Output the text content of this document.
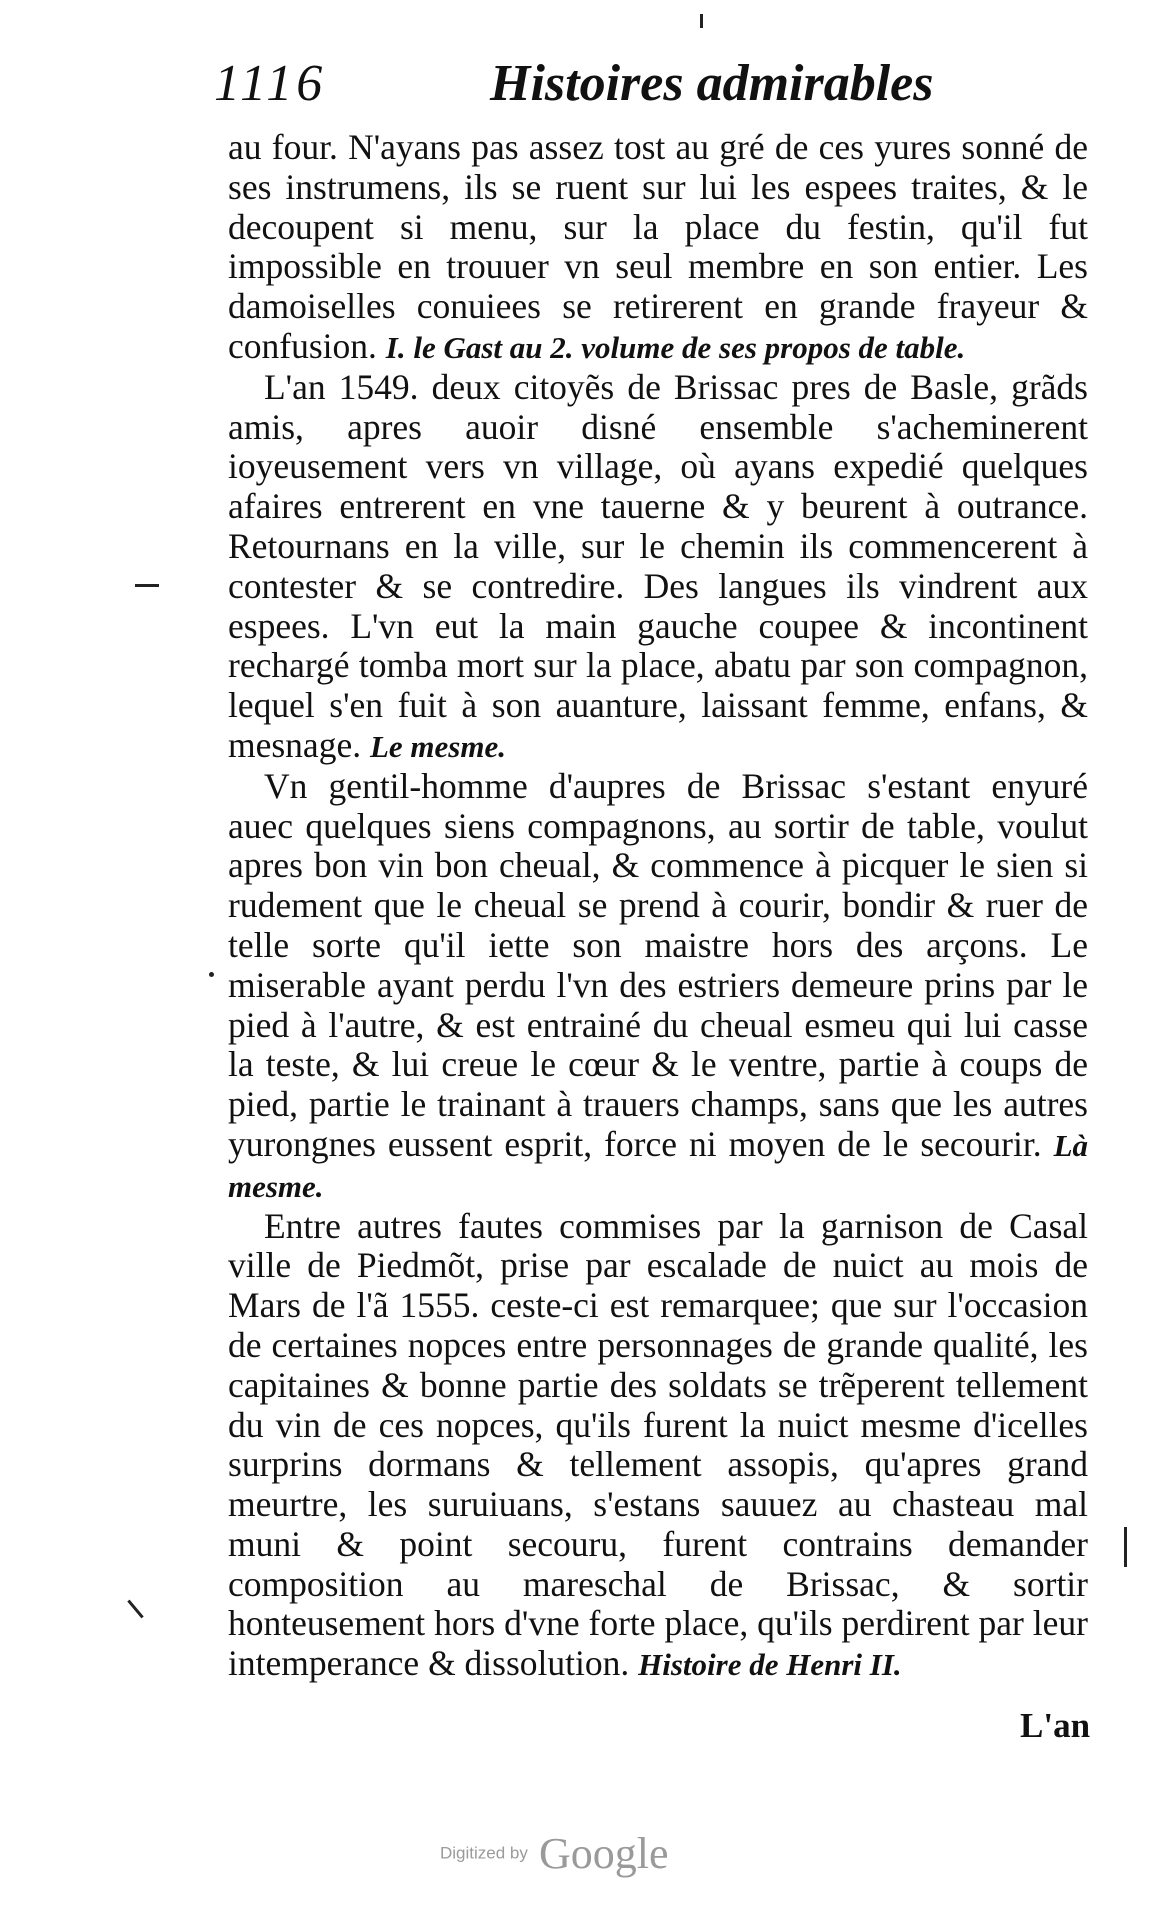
1116	Histoires admirables

au four. N'ayans pas assez tost au gré de ces yures sonné de ses instrumens, ils se ruent sur lui les espees traites, & le decoupent si menu, sur la place du festin, qu'il fut impossible en trouuer vn seul membre en son entier. Les damoiselles conuiees se retirerent en grande frayeur & confusion. I. le Gast au 2. volume de ses propos de table.

L'an 1549. deux citoyẽs de Brissac pres de Basle, grãds amis, apres auoir disné ensemble s'acheminerent ioyeusement vers vn village, où ayans expedié quelques afaires entrerent en vne tauerne & y beurent à outrance. Retournans en la ville, sur le chemin ils commencerent à contester & se contredire. Des langues ils vindrent aux espees. L'vn eut la main gauche coupee & incontinent rechargé tomba mort sur la place, abatu par son compagnon, lequel s'en fuit à son auanture, laissant femme, enfans, & mesnage. Le mesme.

Vn gentil-homme d'aupres de Brissac s'estant enyuré auec quelques siens compagnons, au sortir de table, voulut apres bon vin bon cheual, & commence à picquer le sien si rudement que le cheual se prend à courir, bondir & ruer de telle sorte qu'il iette son maistre hors des arçons. Le miserable ayant perdu l'vn des estriers demeure prins par le pied à l'autre, & est entrainé du cheual esmeu qui lui casse la teste, & lui creue le cœur & le ventre, partie à coups de pied, partie le trainant à trauers champs, sans que les autres yurongnes eussent esprit, force ni moyen de le secourir. Là mesme.

Entre autres fautes commises par la garnison de Casal ville de Piedmõt, prise par escalade de nuict au mois de Mars de l'ã 1555. ceste-ci est remarquee; que sur l'occasion de certaines nopces entre personnages de grande qualité, les capitaines & bonne partie des soldats se trẽperent tellement du vin de ces nopces, qu'ils furent la nuict mesme d'icelles surprins dormans & tellement assopis, qu'apres grand meurtre, les suruiuans, s'estans sauuez au chasteau mal muni & point secouru, furent contrains demander composition au mareschal de Brissac, & sortir honteusement hors d'vne forte place, qu'ils perdirent par leur intemperance & dissolution. Histoire de Henri II.

L'an
Digitized by Google
